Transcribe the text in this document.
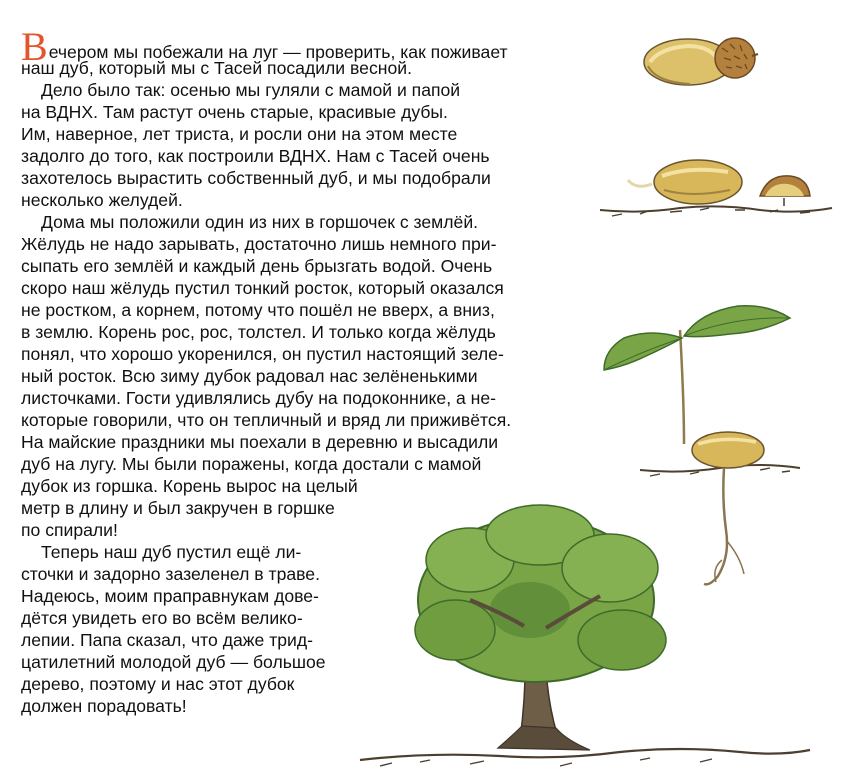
Вечером мы побежали на луг — проверить, как поживает
наш дуб, который мы с Тасей посадили весной.
Дело было так: осенью мы гуляли с мамой и папой
на ВДНХ. Там растут очень старые, красивые дубы.
Им, наверное, лет триста, и росли они на этом месте
задолго до того, как построили ВДНХ. Нам с Тасей очень
захотелось вырастить собственный дуб, и мы подобрали
несколько желудей.
Дома мы положили один из них в горшочек с землёй.
Жёлудь не надо зарывать, достаточно лишь немного при-
сыпать его землёй и каждый день брызгать водой. Очень
скоро наш жёлудь пустил тонкий росток, который оказался
не ростком, а корнем, потому что пошёл не вверх, а вниз,
в землю. Корень рос, рос, толстел. И только когда жёлудь
понял, что хорошо укоренился, он пустил настоящий зеле-
ный росток. Всю зиму дубок радовал нас зелёненькими
листочками. Гости удивлялись дубу на подоконнике, а не-
которые говорили, что он тепличный и вряд ли приживётся.
На майские праздники мы поехали в деревню и высадили
дуб на лугу. Мы были поражены, когда достали с мамой
дубок из горшка. Корень вырос на целый
метр в длину и был закручен в горшке
по спирали!
Теперь наш дуб пустил ещё ли-
сточки и задорно зазеленел в траве.
Надеюсь, моим праправнукам дове-
дётся увидеть его во всём велико-
лепии. Папа сказал, что даже трид-
цатилетний молодой дуб — большое
дерево, поэтому и нас этот дубок
должен порадовать!
